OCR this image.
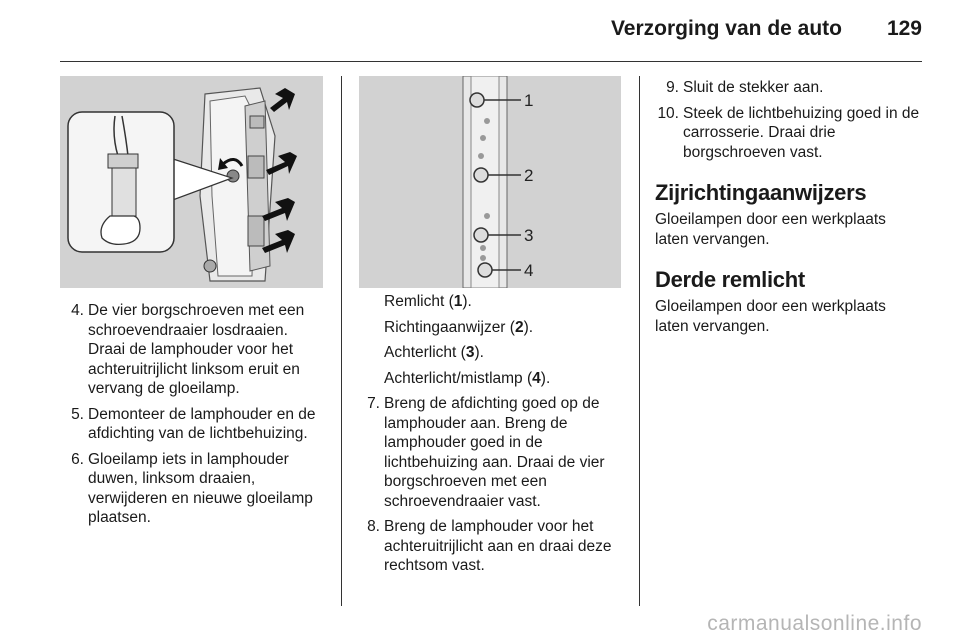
Verzorging van de auto 129
1
2
3
4
4. De vier borgschroeven met een schroevendraaier losdraaien. Draai de lamphouder voor het achteruitrijlicht linksom eruit en vervang de gloeilamp.
5. Demonteer de lamphouder en de afdichting van de lichtbehuizing.
6. Gloeilamp iets in lamphouder duwen, linksom draaien, verwijderen en nieuwe gloeilamp plaatsen.
Remlicht (1).
Richtingaanwijzer (2).
Achterlicht (3).
Achterlicht/mistlamp (4).
7. Breng de afdichting goed op de lamphouder aan. Breng de lamphouder goed in de lichtbehuizing aan. Draai de vier borgschroeven met een schroevendraaier vast.
8. Breng de lamphouder voor het achteruitrijlicht aan en draai deze rechtsom vast.
9. Sluit de stekker aan.
10. Steek de lichtbehuizing goed in de carrosserie. Draai drie borgschroeven vast.
Zijrichtingaanwijzers

Gloeilampen door een werkplaats laten vervangen.

Derde remlicht

Gloeilampen door een werkplaats laten vervangen.

carmanualsonline.info
